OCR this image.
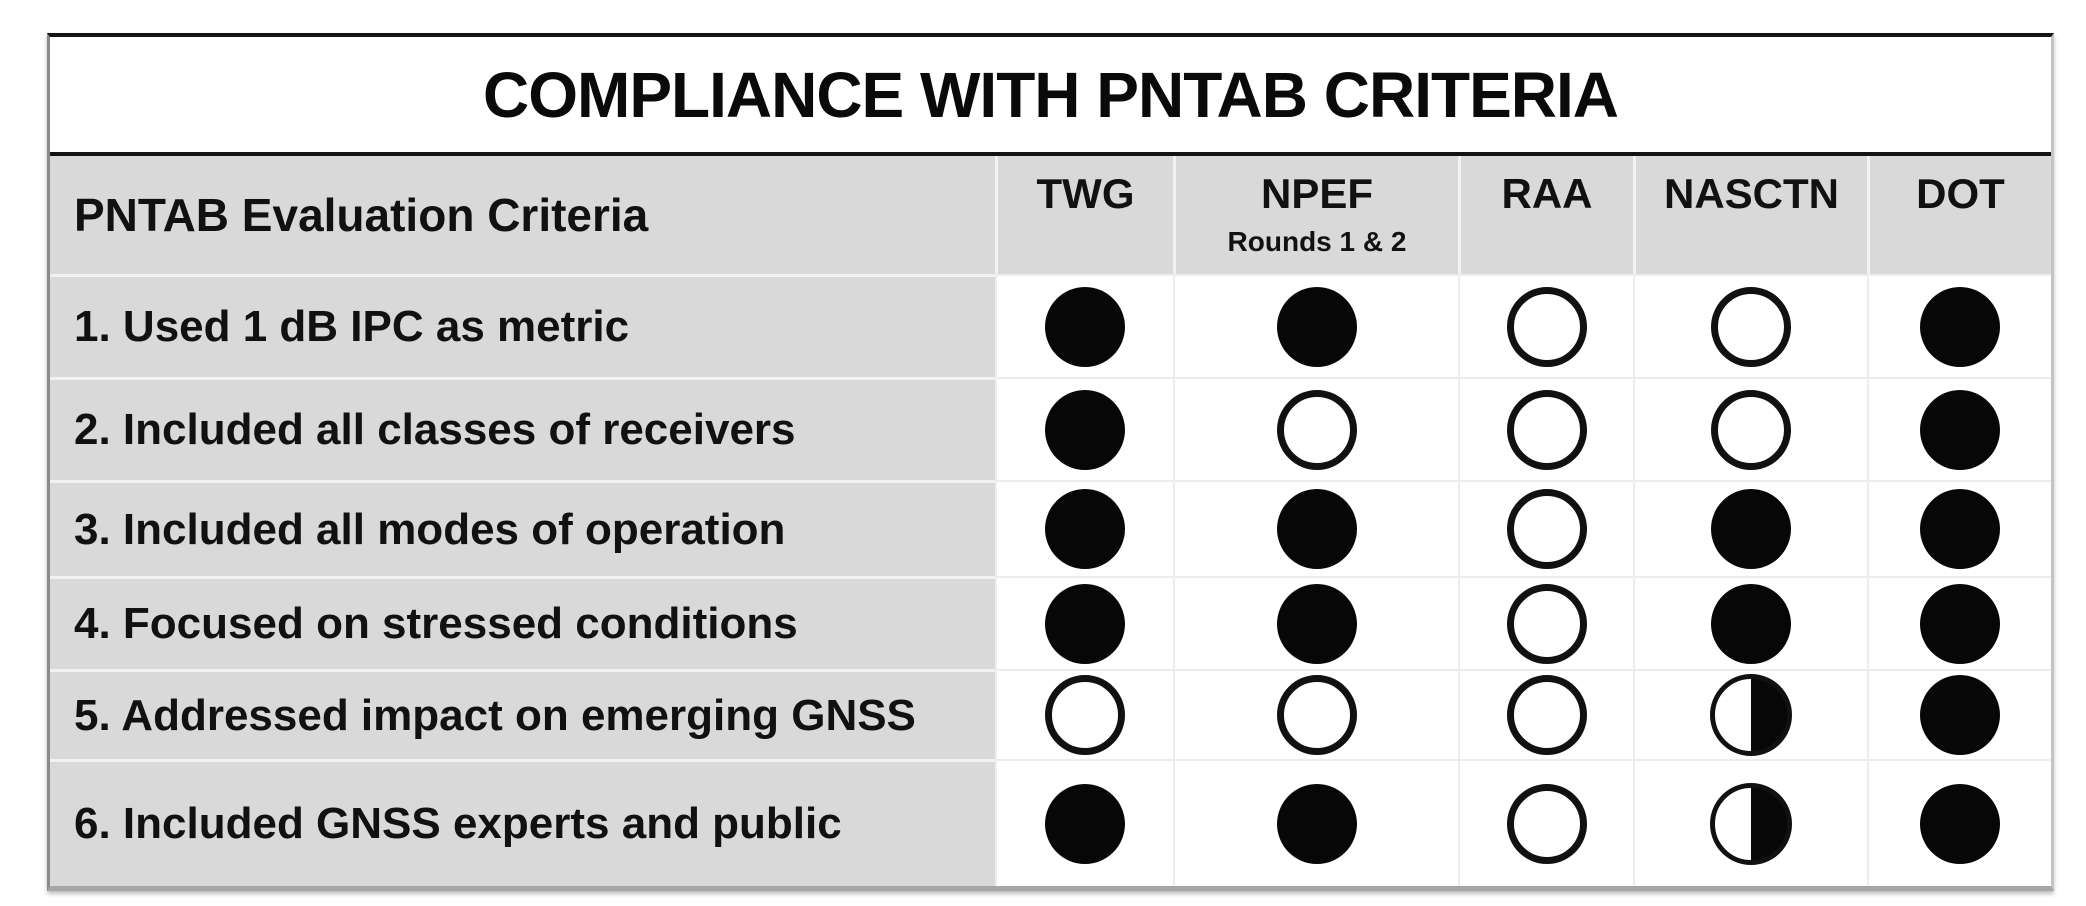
COMPLIANCE WITH PNTAB CRITERIA
PNTAB Evaluation Criteria	TWG	NPEF
Rounds 1 & 2
RAA NASCTN DOT
1. Used 1 dB IPC as metric
2. Included all classes of receivers
3. Included all modes of operation
4. Focused on stressed conditions
5. Addressed impact on emerging GNSS
6. Included GNSS experts and public
